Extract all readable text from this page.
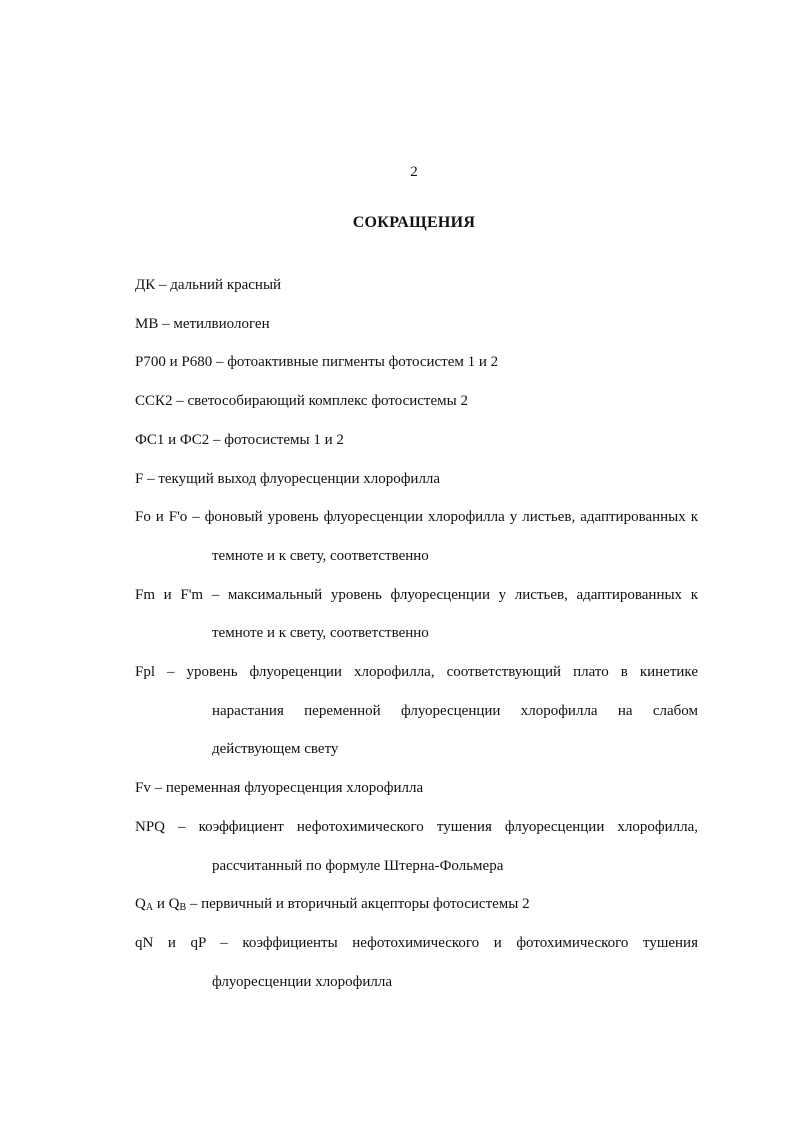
2
СОКРАЩЕНИЯ
ДК – дальний красный
МВ – метилвиологен
P700 и P680 – фотоактивные пигменты фотосистем 1 и 2
ССК2 – светособирающий комплекс фотосистемы 2
ФС1 и ФС2 – фотосистемы 1 и 2
F – текущий выход флуоресценции хлорофилла
Fo и F'o – фоновый уровень флуоресценции хлорофилла у листьев, адаптированных к темноте и к свету, соответственно
Fm и F'm – максимальный уровень флуоресценции у листьев, адаптированных к темноте и к свету, соответственно
Fpl – уровень флуореценции хлорофилла, соответствующий плато в кинетике нарастания переменной флуоресценции хлорофилла на слабом действующем свету
Fv – переменная флуоресценция хлорофилла
NPQ – коэффициент нефотохимического тушения флуоресценции хлорофилла, рассчитанный по формуле Штерна-Фольмера
$Q_A$ и $Q_B$ – первичный и вторичный акцепторы фотосистемы 2
qN и qP – коэффициенты нефотохимического и фотохимического тушения флуоресценции хлорофилла
